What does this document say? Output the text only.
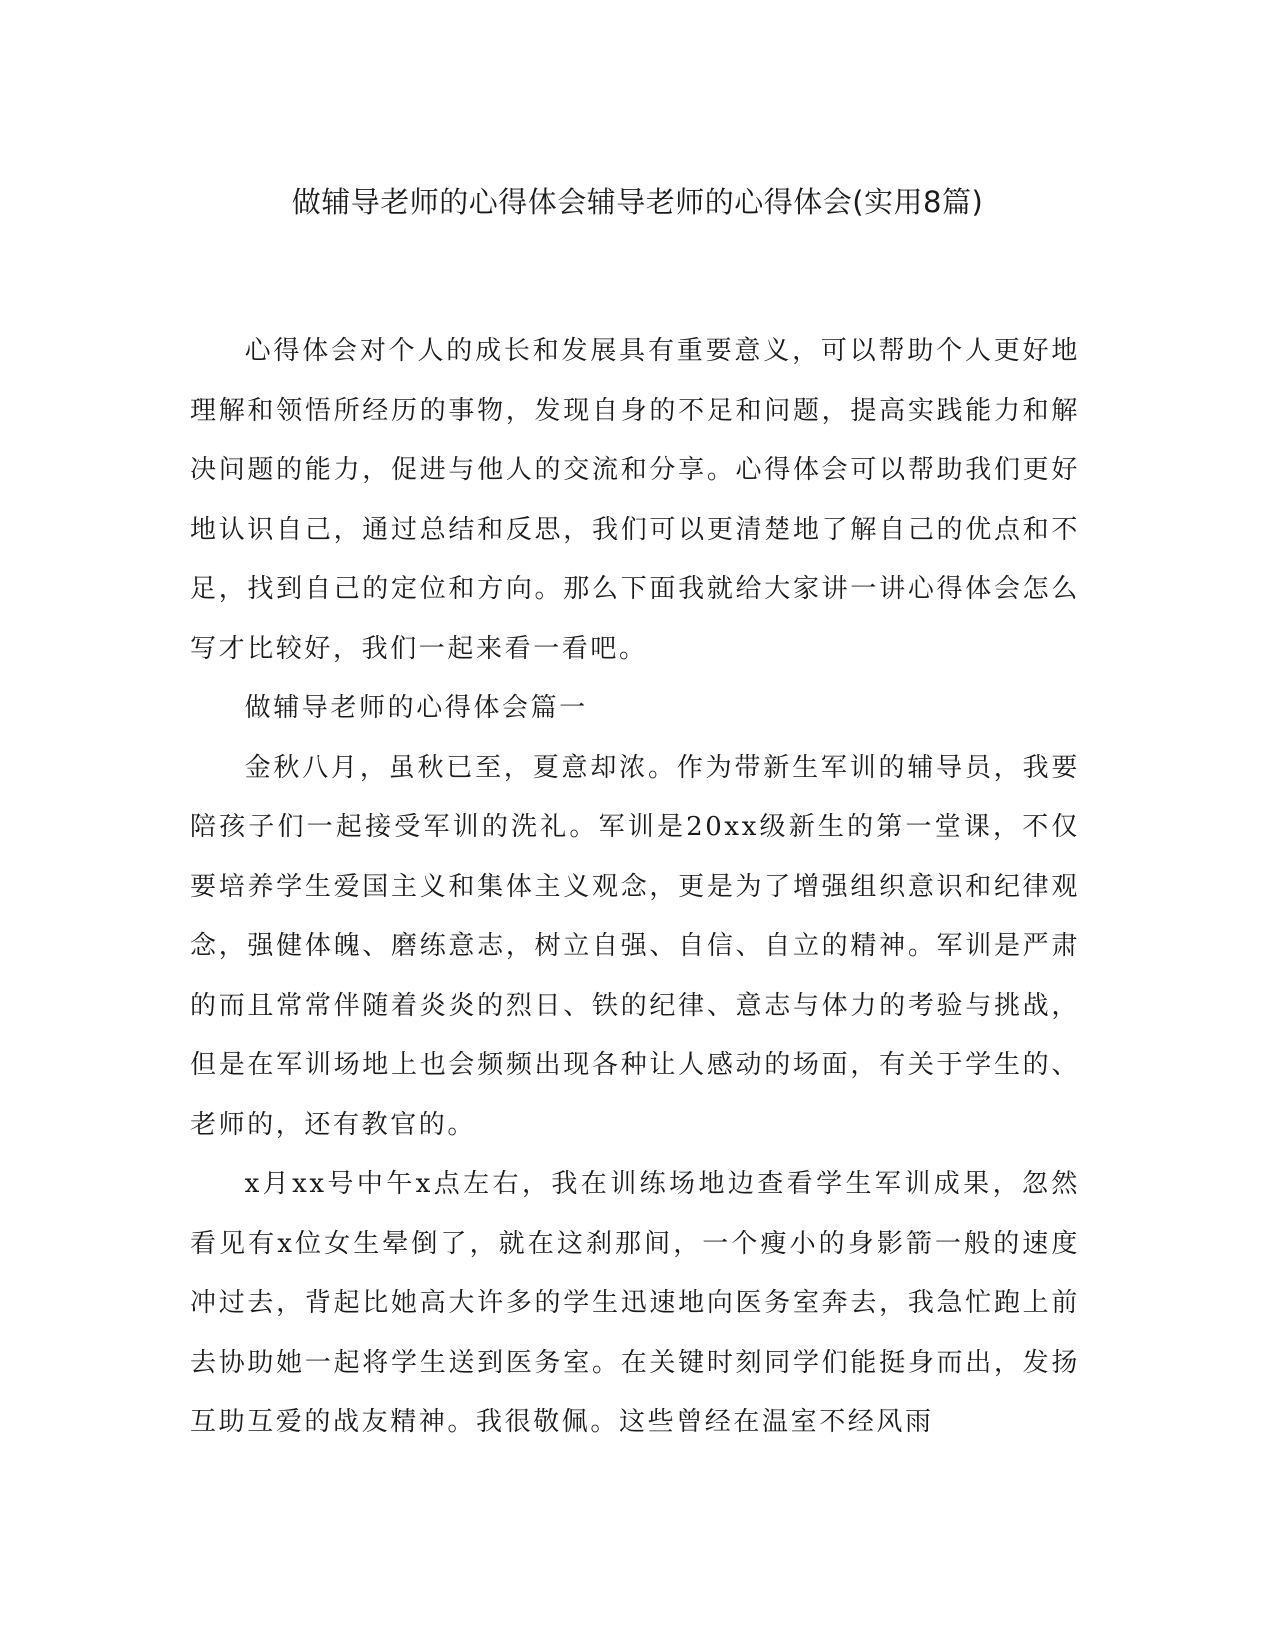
做辅导老师的心得体会辅导老师的心得体会(实用8篇)

心得体会对个人的成长和发展具有重要意义，可以帮助个人更好地理解和领悟所经历的事物，发现自身的不足和问题，提高实践能力和解决问题的能力，促进与他人的交流和分享。心得体会可以帮助我们更好地认识自己，通过总结和反思，我们可以更清楚地了解自己的优点和不足，找到自己的定位和方向。那么下面我就给大家讲一讲心得体会怎么写才比较好，我们一起来看一看吧。

做辅导老师的心得体会篇一

金秋八月，虽秋已至，夏意却浓。作为带新生军训的辅导员，我要陪孩子们一起接受军训的洗礼。军训是20xx级新生的第一堂课，不仅要培养学生爱国主义和集体主义观念，更是为了增强组织意识和纪律观念，强健体魄、磨练意志，树立自强、自信、自立的精神。军训是严肃的而且常常伴随着炎炎的烈日、铁的纪律、意志与体力的考验与挑战，但是在军训场地上也会频频出现各种让人感动的场面，有关于学生的、老师的，还有教官的。

x月xx号中午x点左右，我在训练场地边查看学生军训成果，忽然看见有x位女生晕倒了，就在这刹那间，一个瘦小的身影箭一般的速度冲过去，背起比她高大许多的学生迅速地向医务室奔去，我急忙跑上前去协助她一起将学生送到医务室。在关键时刻同学们能挺身而出，发扬互助互爱的战友精神。我很敬佩。这些曾经在温室不经风雨
